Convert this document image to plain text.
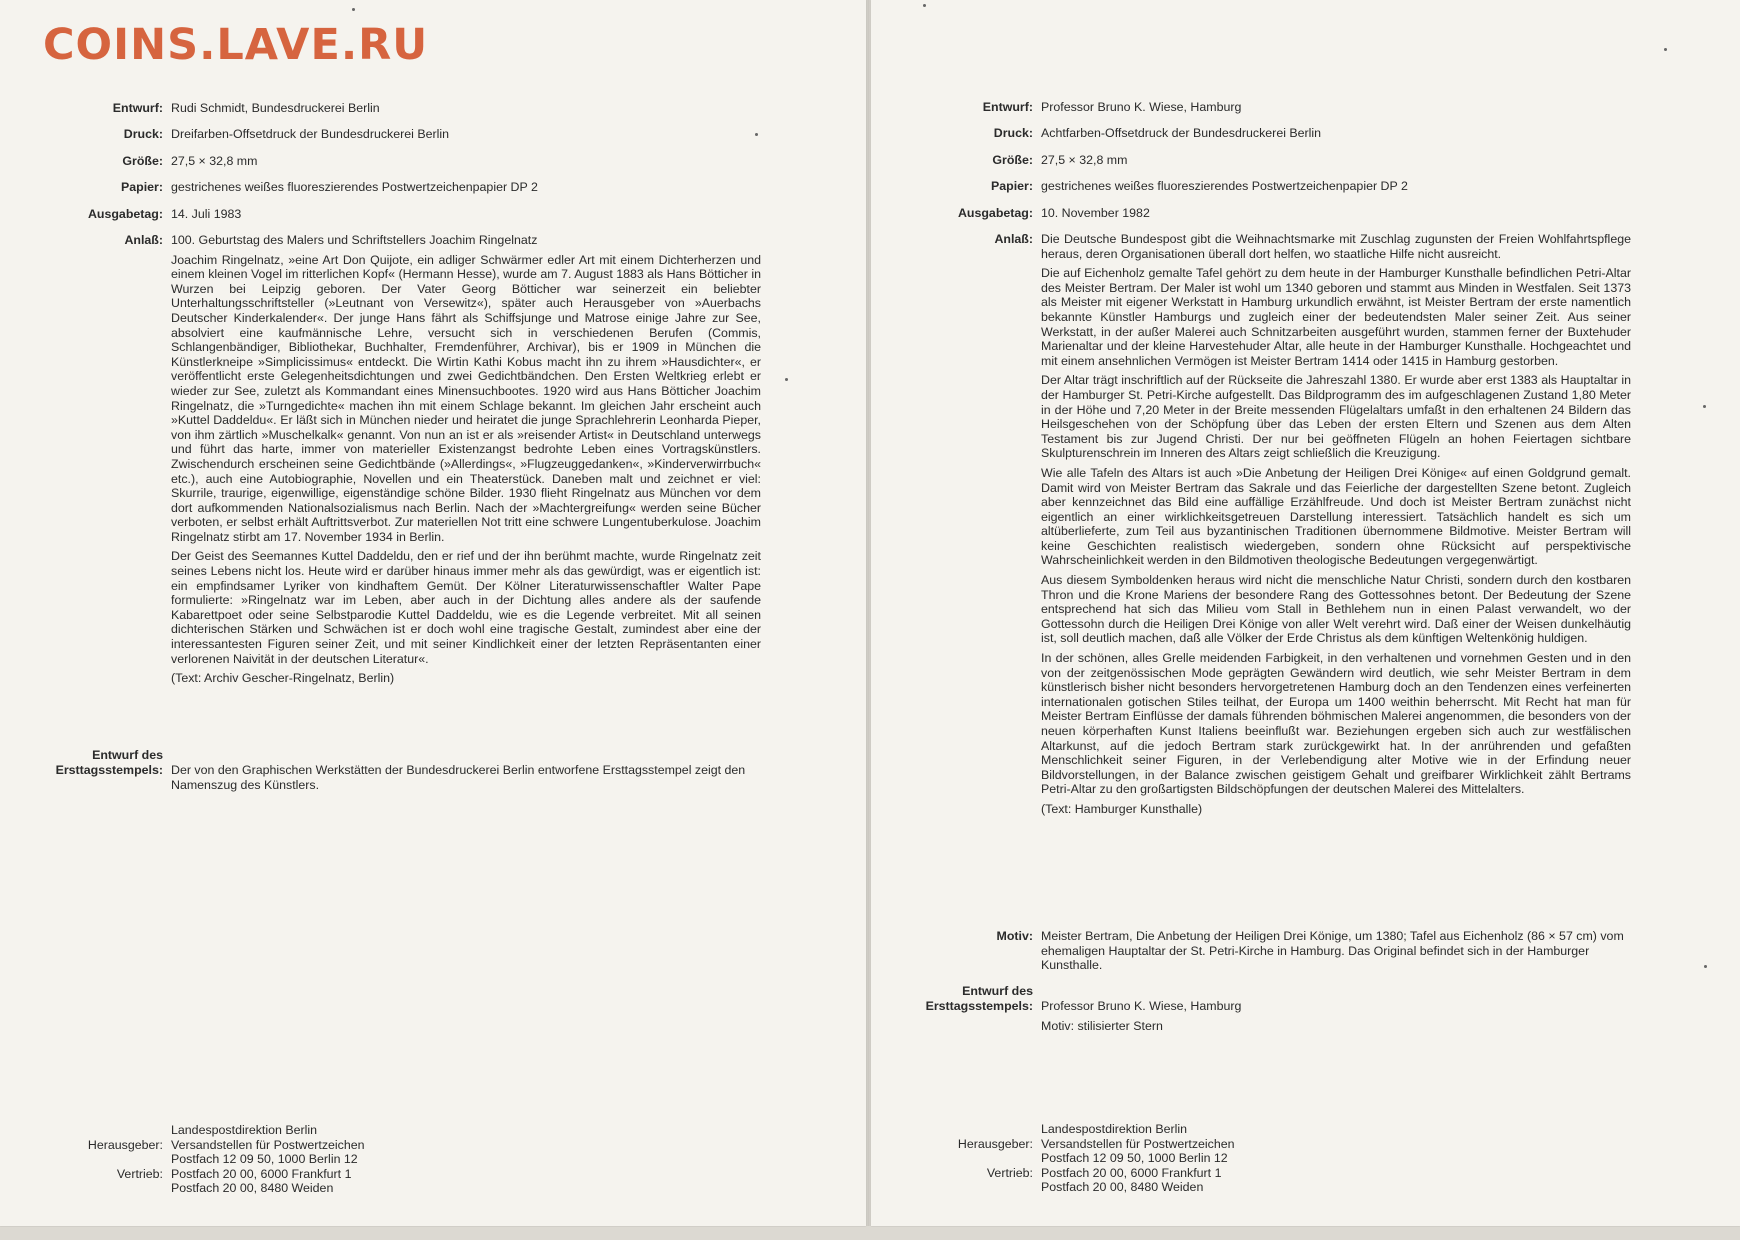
COINS.LAVE.RU
Entwurf: Rudi Schmidt, Bundesdruckerei Berlin
Druck: Dreifarben-Offsetdruck der Bundesdruckerei Berlin
Größe: 27,5 × 32,8 mm
Papier: gestrichenes weißes fluoreszierendes Postwertzeichenpapier DP 2
Ausgabetag: 14. Juli 1983
Anlaß: 100. Geburtstag des Malers und Schriftstellers Joachim Ringelnatz

Joachim Ringelnatz, »eine Art Don Quijote, ein adliger Schwärmer edler Art mit einem Dichterherzen und einem kleinen Vogel im ritterlichen Kopf« (Hermann Hesse), wurde am 7. August 1883 als Hans Bötticher in Wurzen bei Leipzig geboren. Der Vater Georg Bötticher war seinerzeit ein beliebter Unterhaltungsschriftsteller (»Leutnant von Versewitz«), später auch Herausgeber von »Auerbachs Deutscher Kinderkalender«. Der junge Hans fährt als Schiffsjunge und Matrose einige Jahre zur See, absolviert eine kaufmännische Lehre, versucht sich in verschiedenen Berufen (Commis, Schlangenbändiger, Bibliothekar, Buchhalter, Fremdenführer, Archivar), bis er 1909 in München die Künstlerkneipe »Simplicissimus« entdeckt. Die Wirtin Kathi Kobus macht ihn zu ihrem »Hausdichter«, er veröffentlicht erste Gelegenheitsdichtungen und zwei Gedichtbändchen. Den Ersten Weltkrieg erlebt er wieder zur See, zuletzt als Kommandant eines Minensuchbootes. 1920 wird aus Hans Bötticher Joachim Ringelnatz, die »Turngedichte« machen ihn mit einem Schlage bekannt. Im gleichen Jahr erscheint auch »Kuttel Daddeldu«. Er läßt sich in München nieder und heiratet die junge Sprachlehrerin Leonharda Pieper, von ihm zärtlich »Muschelkalk« genannt. Von nun an ist er als »reisender Artist« in Deutschland unterwegs und führt das harte, immer von materieller Existenzangst bedrohte Leben eines Vortragskünstlers. Zwischendurch erscheinen seine Gedichtbände (»Allerdings«, »Flugzeuggedanken«, »Kinderverwirrbuch« etc.), auch eine Autobiographie, Novellen und ein Theaterstück. Daneben malt und zeichnet er viel: Skurrile, traurige, eigenwillige, eigenständige schöne Bilder. 1930 flieht Ringelnatz aus München vor dem dort aufkommenden Nationalsozialismus nach Berlin. Nach der »Machtergreifung« werden seine Bücher verboten, er selbst erhält Auftrittsverbot. Zur materiellen Not tritt eine schwere Lungentuberkulose. Joachim Ringelnatz stirbt am 17. November 1934 in Berlin.

Der Geist des Seemannes Kuttel Daddeldu, den er rief und der ihn berühmt machte, wurde Ringelnatz zeit seines Lebens nicht los. Heute wird er darüber hinaus immer mehr als das gewürdigt, was er eigentlich ist: ein empfindsamer Lyriker von kindhaftem Gemüt. Der Kölner Literaturwissenschaftler Walter Pape formulierte: »Ringelnatz war im Leben, aber auch in der Dichtung alles andere als der saufende Kabarettpoet oder seine Selbstparodie Kuttel Daddeldu, wie es die Legende verbreitet. Mit all seinen dichterischen Stärken und Schwächen ist er doch wohl eine tragische Gestalt, zumindest aber eine der interessantesten Figuren seiner Zeit, und mit seiner Kindlichkeit einer der letzten Repräsentanten einer verlorenen Naivität in der deutschen Literatur«.

(Text: Archiv Gescher-Ringelnatz, Berlin)

Entwurf des
Ersttagsstempels: Der von den Graphischen Werkstätten der Bundesdruckerei Berlin entworfene Ersttagsstempel zeigt den Namenszug des Künstlers.

Herausgeber:

Vertrieb:

Landespostdirektion Berlin

Versandstellen für Postwertzeichen

Postfach 12 09 50, 1000 Berlin 12

Postfach 20 00, 6000 Frankfurt 1

Postfach 20 00, 8480 Weiden

Entwurf: Professor Bruno K. Wiese, Hamburg
Druck: Achtfarben-Offsetdruck der Bundesdruckerei Berlin
Größe: 27,5 × 32,8 mm
Papier: gestrichenes weißes fluoreszierendes Postwertzeichenpapier DP 2
Ausgabetag: 10. November 1982
Anlaß: Die Deutsche Bundespost gibt die Weihnachtsmarke mit Zuschlag zugunsten der Freien Wohlfahrtspflege heraus, deren Organisationen überall dort helfen, wo staatliche Hilfe nicht ausreicht.

Die auf Eichenholz gemalte Tafel gehört zu dem heute in der Hamburger Kunsthalle befindlichen Petri-Altar des Meister Bertram. Der Maler ist wohl um 1340 geboren und stammt aus Minden in Westfalen. Seit 1373 als Meister mit eigener Werkstatt in Hamburg urkundlich erwähnt, ist Meister Bertram der erste namentlich bekannte Künstler Hamburgs und zugleich einer der bedeutendsten Maler seiner Zeit. Aus seiner Werkstatt, in der außer Malerei auch Schnitzarbeiten ausgeführt wurden, stammen ferner der Buxtehuder Marienaltar und der kleine Harvestehuder Altar, alle heute in der Hamburger Kunsthalle. Hochgeachtet und mit einem ansehnlichen Vermögen ist Meister Bertram 1414 oder 1415 in Hamburg gestorben.

Der Altar trägt inschriftlich auf der Rückseite die Jahreszahl 1380. Er wurde aber erst 1383 als Hauptaltar in der Hamburger St. Petri-Kirche aufgestellt. Das Bildprogramm des im aufgeschlagenen Zustand 1,80 Meter in der Höhe und 7,20 Meter in der Breite messenden Flügelaltars umfaßt in den erhaltenen 24 Bildern das Heilsgeschehen von der Schöpfung über das Leben der ersten Eltern und Szenen aus dem Alten Testament bis zur Jugend Christi. Der nur bei geöffneten Flügeln an hohen Feiertagen sichtbare Skulpturenschrein im Inneren des Altars zeigt schließlich die Kreuzigung.

Wie alle Tafeln des Altars ist auch »Die Anbetung der Heiligen Drei Könige« auf einen Goldgrund gemalt. Damit wird von Meister Bertram das Sakrale und das Feierliche der dargestellten Szene betont. Zugleich aber kennzeichnet das Bild eine auffällige Erzählfreude. Und doch ist Meister Bertram zunächst nicht eigentlich an einer wirklichkeitsgetreuen Darstellung interessiert. Tatsächlich handelt es sich um altüberlieferte, zum Teil aus byzantinischen Traditionen übernommene Bildmotive. Meister Bertram will keine Geschichten realistisch wiedergeben, sondern ohne Rücksicht auf perspektivische Wahrscheinlichkeit werden in den Bildmotiven theologische Bedeutungen vergegenwärtigt.

Aus diesem Symboldenken heraus wird nicht die menschliche Natur Christi, sondern durch den kostbaren Thron und die Krone Mariens der besondere Rang des Gottessohnes betont. Der Bedeutung der Szene entsprechend hat sich das Milieu vom Stall in Bethlehem nun in einen Palast verwandelt, wo der Gottessohn durch die Heiligen Drei Könige von aller Welt verehrt wird. Daß einer der Weisen dunkelhäutig ist, soll deutlich machen, daß alle Völker der Erde Christus als dem künftigen Weltenkönig huldigen.

In der schönen, alles Grelle meidenden Farbigkeit, in den verhaltenen und vornehmen Gesten und in den von der zeitgenössischen Mode geprägten Gewändern wird deutlich, wie sehr Meister Bertram in dem künstlerisch bisher nicht besonders hervorgetretenen Hamburg doch an den Tendenzen eines verfeinerten internationalen gotischen Stiles teilhat, der Europa um 1400 weithin beherrscht. Mit Recht hat man für Meister Bertram Einflüsse der damals führenden böhmischen Malerei angenommen, die besonders von der neuen körperhaften Kunst Italiens beeinflußt war. Beziehungen ergeben sich auch zur westfälischen Altarkunst, auf die jedoch Bertram stark zurückgewirkt hat. In der anrührenden und gefaßten Menschlichkeit seiner Figuren, in der Verlebendigung alter Motive wie in der Erfindung neuer Bildvorstellungen, in der Balance zwischen geistigem Gehalt und greifbarer Wirklichkeit zählt Bertrams Petri-Altar zu den großartigsten Bildschöpfungen der deutschen Malerei des Mittelalters.

(Text: Hamburger Kunsthalle)

Motiv: Meister Bertram, Die Anbetung der Heiligen Drei Könige, um 1380; Tafel aus Eichenholz (86 × 57 cm) vom ehemaligen Hauptaltar der St. Petri-Kirche in Hamburg. Das Original befindet sich in der Hamburger Kunsthalle.
Entwurf des
Ersttagsstempels: Professor Bruno K. Wiese, Hamburg

Motiv: stilisierter Stern

Herausgeber:

Vertrieb:

Landespostdirektion Berlin

Versandstellen für Postwertzeichen

Postfach 12 09 50, 1000 Berlin 12

Postfach 20 00, 6000 Frankfurt 1

Postfach 20 00, 8480 Weiden
